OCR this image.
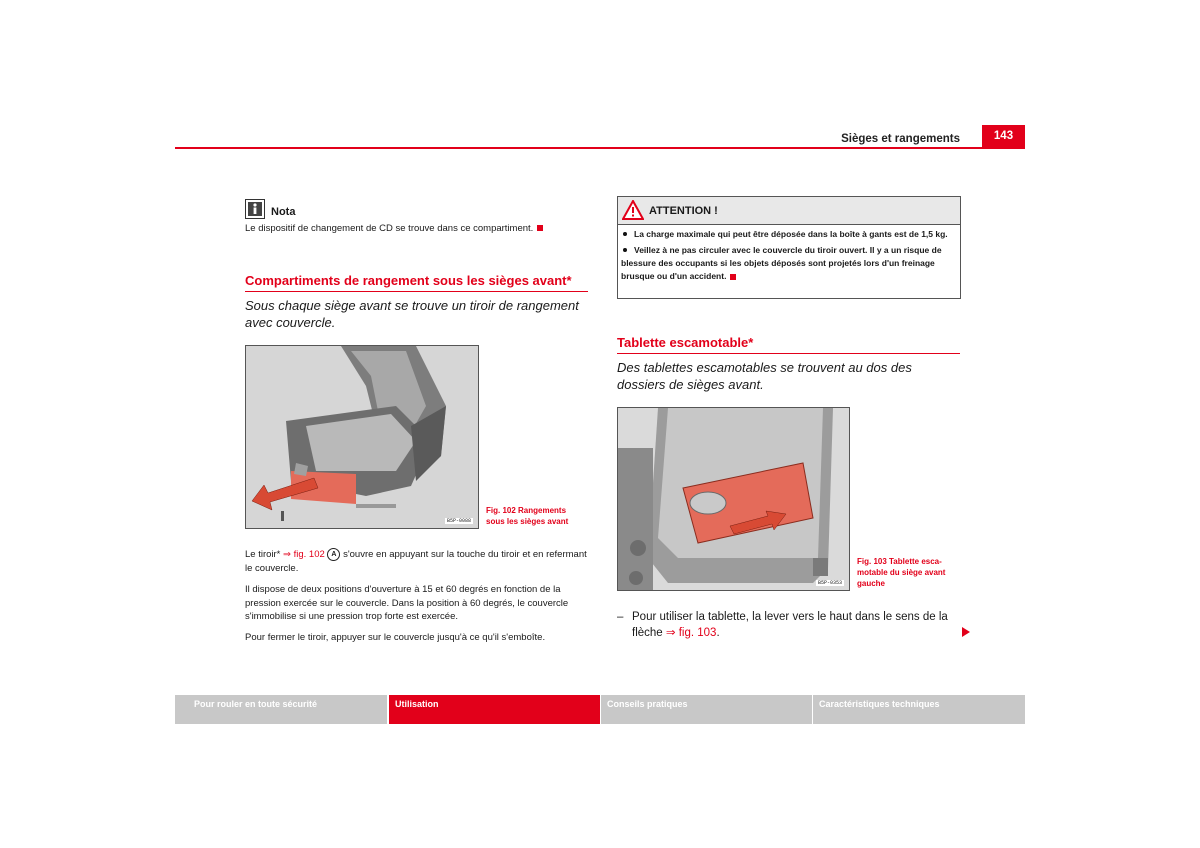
Sièges et rangements	143
Nota
Le dispositif de changement de CD se trouve dans ce compartiment.
Compartiments de rangement sous les sièges avant*
Sous chaque siège avant se trouve un tiroir de rangement avec couvercle.
B5P-0088
Fig. 102 Rangements
sous les sièges avant
Le tiroir* ⇒ fig. 102 A s'ouvre en appuyant sur la touche du tiroir et en refermant le couvercle.
Il dispose de deux positions d'ouverture à 15 et 60 degrés en fonction de la pression exercée sur le couvercle. Dans la position à 60 degrés, le couvercle s'immobilise si une pression trop forte est exercée.
Pour fermer le tiroir, appuyer sur le couvercle jusqu'à ce qu'il s'emboîte.
ATTENTION !

La charge maximale qui peut être déposée dans la boîte à gants est de 1,5 kg.

Veillez à ne pas circuler avec le couvercle du tiroir ouvert. Il y a un risque de blessure des occupants si les objets déposés sont projetés lors d'un freinage brusque ou d'un accident.

Tablette escamotable*
Des tablettes escamotables se trouvent au dos des dossiers de sièges avant.
B5P-0353
Fig. 103 Tablette esca-
motable du siège avant
gauche
– Pour utiliser la tablette, la lever vers le haut dans le sens de la flèche ⇒ fig. 103.
Pour rouler en toute sécurité	Utilisation	Conseils pratiques	Caractéristiques techniques
